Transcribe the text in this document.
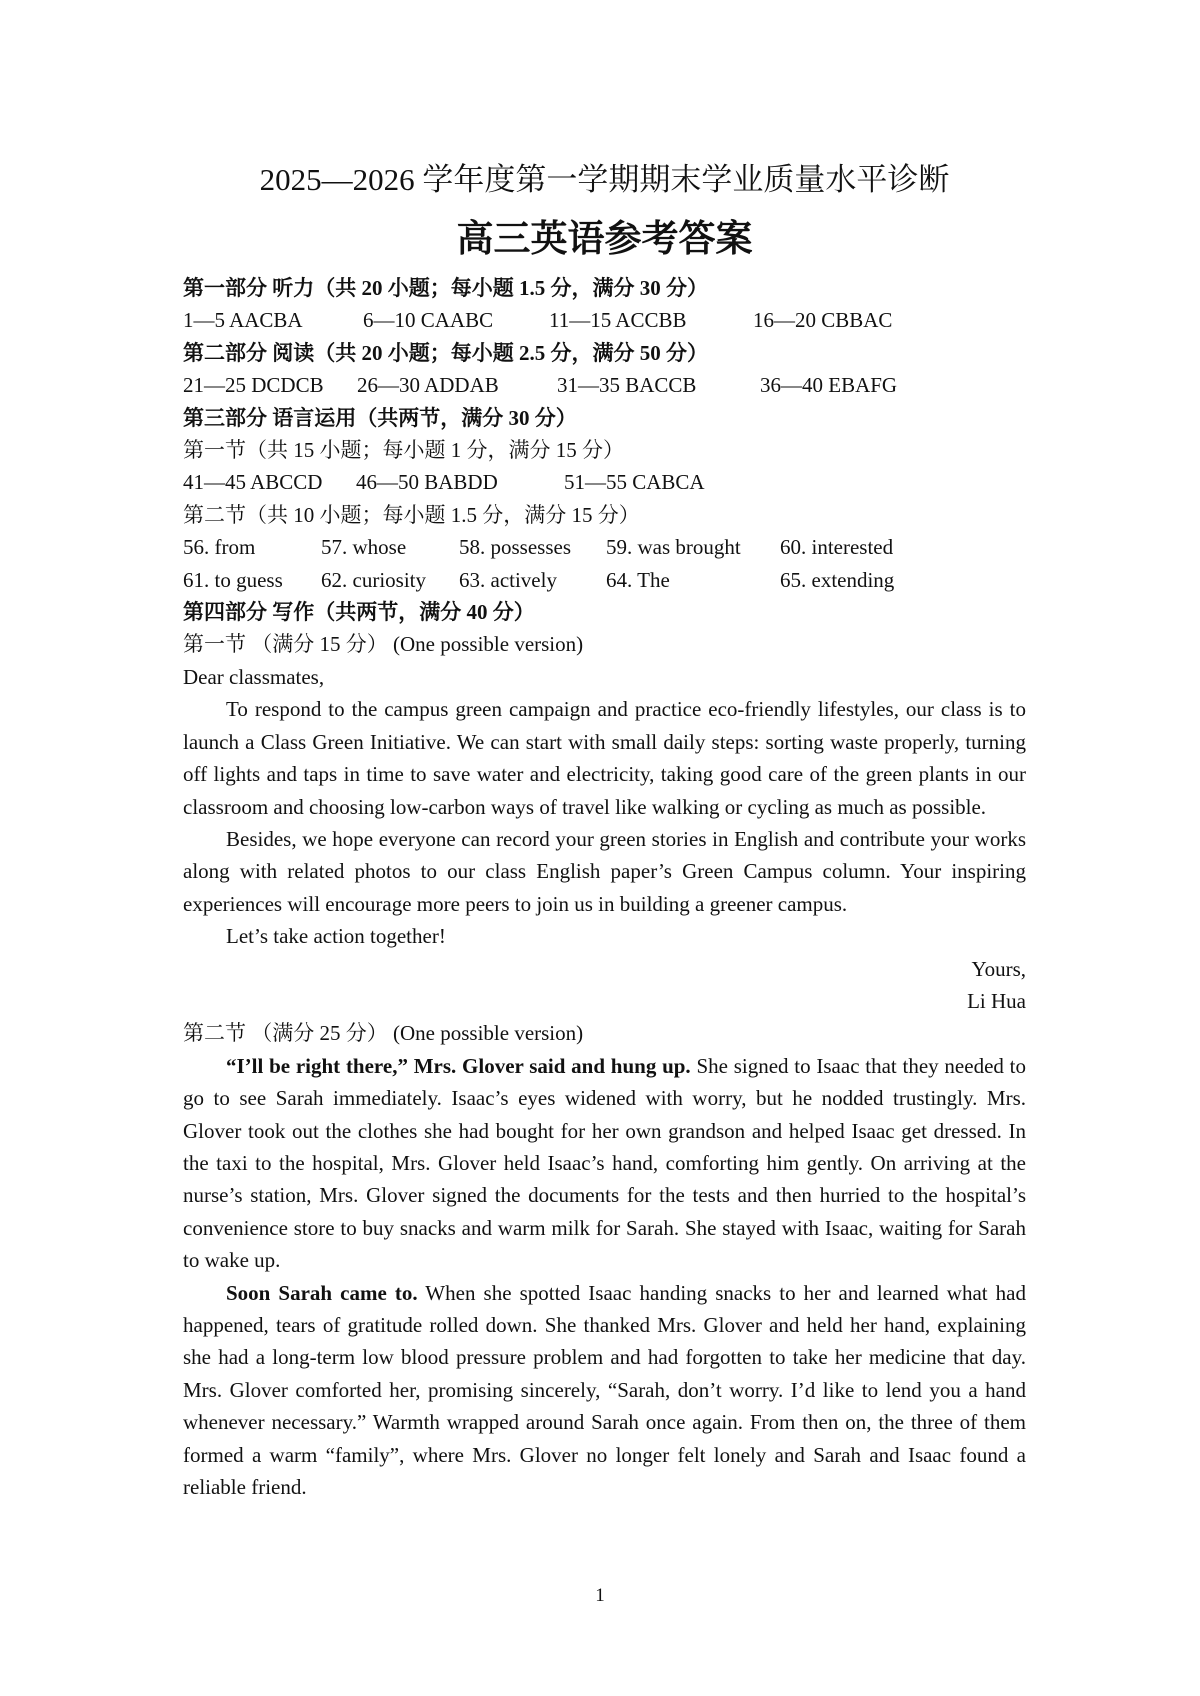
2025—2026 学年度第一学期期末学业质量水平诊断
高三英语参考答案
第一部分 听力（共 20 小题；每小题 1.5 分，满分 30 分）
1—5 AACBA	6—10 CAABC	11—15 ACCBB	16—20 CBBAC
第二部分 阅读（共 20 小题；每小题 2.5 分，满分 50 分）
21—25 DCDCB	26—30 ADDAB	31—35 BACCB	36—40 EBAFG
第三部分 语言运用（共两节，满分 30 分）
第一节（共 15 小题；每小题 1 分，满分 15 分）
41—45 ABCCD	46—50 BABDD	51—55 CABCA
第二节（共 10 小题；每小题 1.5 分，满分 15 分）
56. from	57. whose	58. possesses	59. was brought	60. interested
61. to guess	62. curiosity	63. actively	64. The	65. extending
第四部分 写作（共两节，满分 40 分）
第一节 （满分 15 分） (One possible version)

Dear classmates,

To respond to the campus green campaign and practice eco-friendly lifestyles, our class is to launch a Class Green Initiative. We can start with small daily steps: sorting waste properly, turning off lights and taps in time to save water and electricity, taking good care of the green plants in our classroom and choosing low-carbon ways of travel like walking or cycling as much as possible.

Besides, we hope everyone can record your green stories in English and contribute your works along with related photos to our class English paper’s Green Campus column. Your inspiring experiences will encourage more peers to join us in building a greener campus.

Let’s take action together!

Yours,

Li Hua

第二节 （满分 25 分） (One possible version)

“I’ll be right there,” Mrs. Glover said and hung up. She signed to Isaac that they needed to go to see Sarah immediately. Isaac’s eyes widened with worry, but he nodded trustingly. Mrs. Glover took out the clothes she had bought for her own grandson and helped Isaac get dressed. In the taxi to the hospital, Mrs. Glover held Isaac’s hand, comforting him gently. On arriving at the nurse’s station, Mrs. Glover signed the documents for the tests and then hurried to the hospital’s convenience store to buy snacks and warm milk for Sarah. She stayed with Isaac, waiting for Sarah to wake up.

Soon Sarah came to. When she spotted Isaac handing snacks to her and learned what had happened, tears of gratitude rolled down. She thanked Mrs. Glover and held her hand, explaining she had a long-term low blood pressure problem and had forgotten to take her medicine that day. Mrs. Glover comforted her, promising sincerely, “Sarah, don’t worry. I’d like to lend you a hand whenever necessary.” Warmth wrapped around Sarah once again. From then on, the three of them formed a warm “family”, where Mrs. Glover no longer felt lonely and Sarah and Isaac found a reliable friend.

1
